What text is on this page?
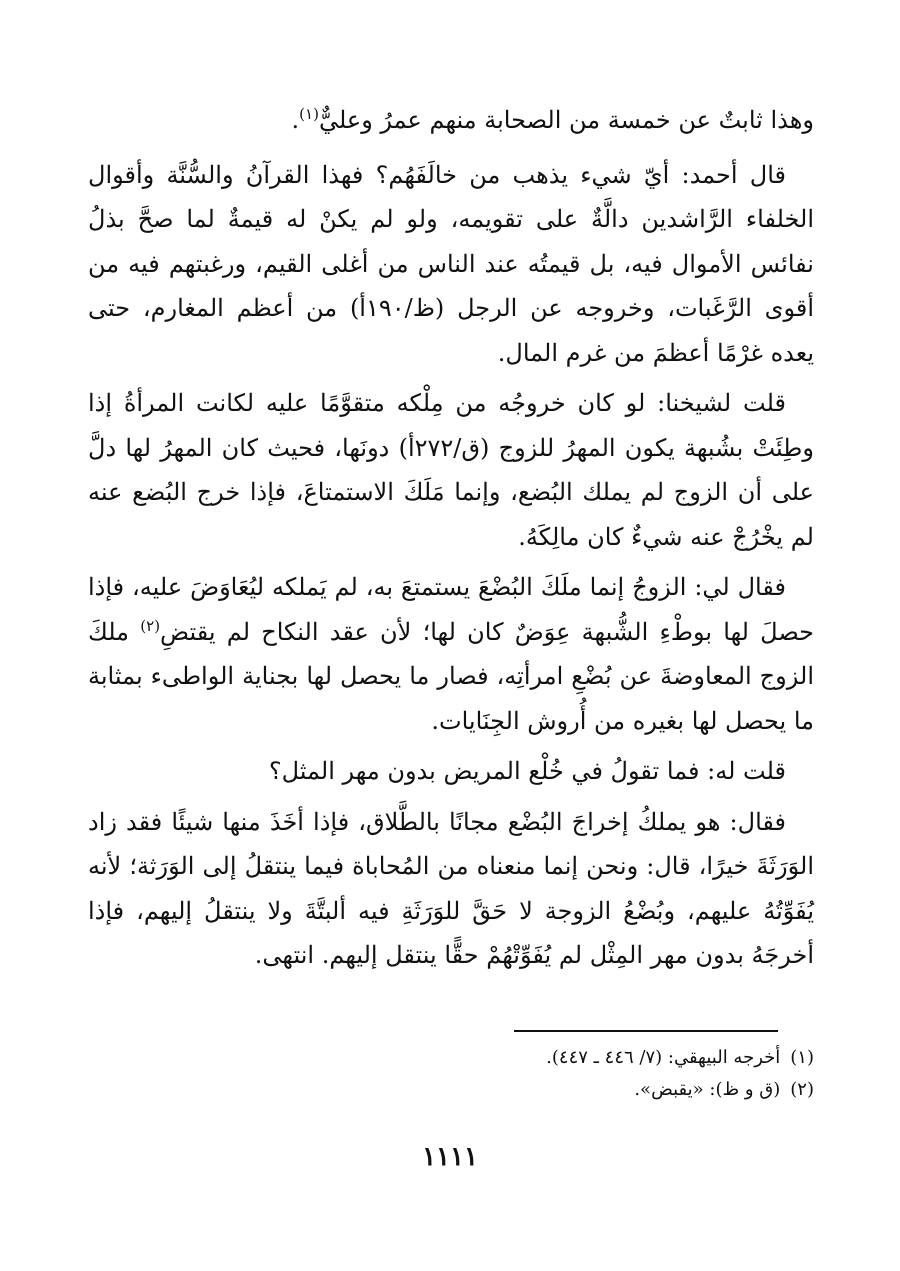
وهذا ثابتٌ عن خمسة من الصحابة منهم عمرُ وعليٌّ$^{(١)}$.

قال أحمد: أيّ شيء يذهب من خالَفَهُم؟ فهذا القرآنُ والسُّنَّة وأقوال الخلفاء الرَّاشدين دالَّةٌ على تقويمه، ولو لم يكنْ له قيمةٌ لما صحَّ بذلُ نفائس الأموال فيه، بل قيمتُه عند الناس من أغلى القيم، ورغبتهم فيه من أقوى الرَّغَبات، وخروجه عن الرجل (ظ/١٩٠أ) من أعظم المغارم، حتى يعده غرْمًا أعظمَ من غرم المال.

قلت لشيخنا: لو كان خروجُه من مِلْكه متقوَّمًا عليه لكانت المرأةُ إذا وطِئَتْ بشُبهة يكون المهرُ للزوج (ق/٢٧٢أ) دونَها، فحيث كان المهرُ لها دلَّ على أن الزوج لم يملك البُضع، وإنما مَلَكَ الاستمتاعَ، فإذا خرج البُضع عنه لم يخْرُجْ عنه شيءٌ كان مالِكَهُ.

فقال لي: الزوجُ إنما ملَكَ البُضْعَ يستمتعَ به، لم يَملكه ليُعَاوَضَ عليه، فإذا حصلَ لها بوطْءِ الشُّبهة عِوَضٌ كان لها؛ لأن عقد النكاح لم يقتضِ$^{(٢)}$ ملكَ الزوج المعاوضةَ عن بُضْعِ امرأتِه، فصار ما يحصل لها بجناية الواطىء بمثابة ما يحصل لها بغيره من أُروش الجِنَايات.

قلت له: فما تقولُ في خُلْع المريض بدون مهر المثل؟

فقال: هو يملكُ إخراجَ البُضْع مجانًا بالطَّلاق، فإذا أخَذَ منها شيئًا فقد زاد الوَرَثَةَ خيرًا، قال: ونحن إنما منعناه من المُحاباة فيما ينتقلُ إلى الوَرَثة؛ لأنه يُفَوِّتُهُ عليهم، وبُضْعُ الزوجة لا حَقَّ للوَرَثَةِ فيه ألبتَّةَ ولا ينتقلُ إليهم، فإذا أخرجَهُ بدون مهر المِثْل لم يُفَوِّتْهُمْ حقًّا ينتقل إليهم. انتهى.

(١)أخرجه البيهقي: (٧/ ٤٤٦ ـ ٤٤٧).

(٢)(ق و ظ): «يقبض».

١١١١
